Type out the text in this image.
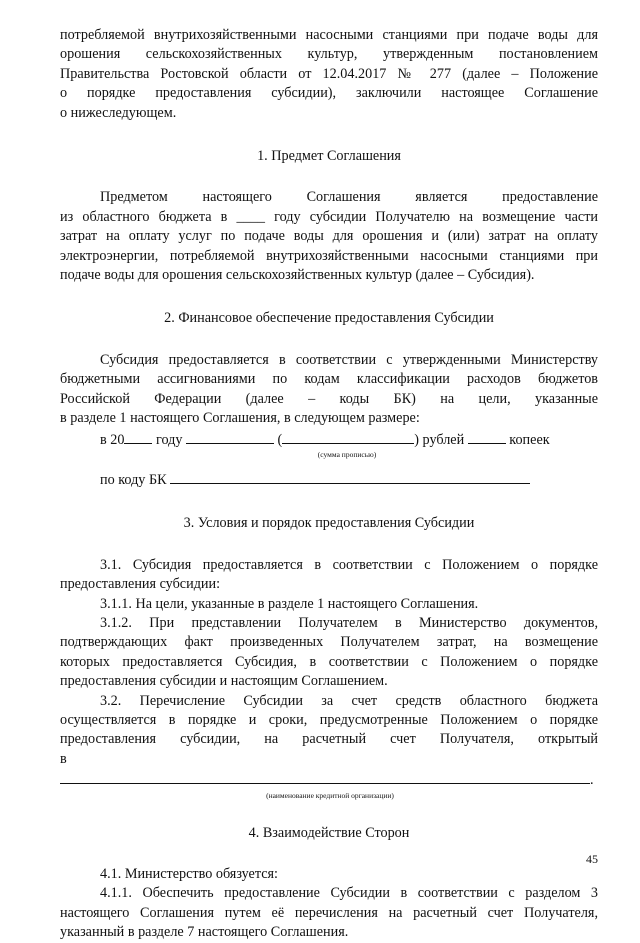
потребляемой внутрихозяйственными насосными станциями при подаче воды для

орошения сельскохозяйственных культур, утвержденным постановлением

Правительства Ростовской области от 12.04.2017 № 277 (далее – Положение

о порядке предоставления субсидии), заключили настоящее Соглашение

о нижеследующем.

1. Предмет Соглашения

Предметом настоящего Соглашения является предоставление

из областного бюджета в ____ году субсидии Получателю на возмещение части

затрат на оплату услуг по подаче воды для орошения и (или) затрат на оплату

электроэнергии, потребляемой внутрихозяйственными насосными станциями при

подаче воды для орошения сельскохозяйственных культур (далее – Субсидия).

2. Финансовое обеспечение предоставления Субсидии

Субсидия предоставляется в соответствии с утвержденными Министерству

бюджетными ассигнованиями по кодам классификации расходов бюджетов

Российской Федерации (далее – коды БК) на цели, указанные

в разделе 1 настоящего Соглашения, в следующем размере:

в 20 году	(	) рублей	копеек
(сумма прописью)
по коду БК

3. Условия и порядок предоставления Субсидии

3.1. Субсидия предоставляется в соответствии с Положением о порядке

предоставления субсидии:

3.1.1. На цели, указанные в разделе 1 настоящего Соглашения.

3.1.2. При представлении Получателем в Министерство документов,

подтверждающих факт произведенных Получателем затрат, на возмещение

которых предоставляется Субсидия, в соответствии с Положением о порядке

предоставления субсидии и настоящим Соглашением.

3.2. Перечисление Субсидии за счет средств областного бюджета

осуществляется в порядке и сроки, предусмотренные Положением о порядке

предоставления субсидии, на расчетный счет Получателя, открытый

в

.
(наименование кредитной организации)

4. Взаимодействие Сторон

4.1. Министерство обязуется:

4.1.1. Обеспечить предоставление Субсидии в соответствии с разделом 3

настоящего Соглашения путем её перечисления на расчетный счет Получателя,

указанный в разделе 7 настоящего Соглашения.

45
